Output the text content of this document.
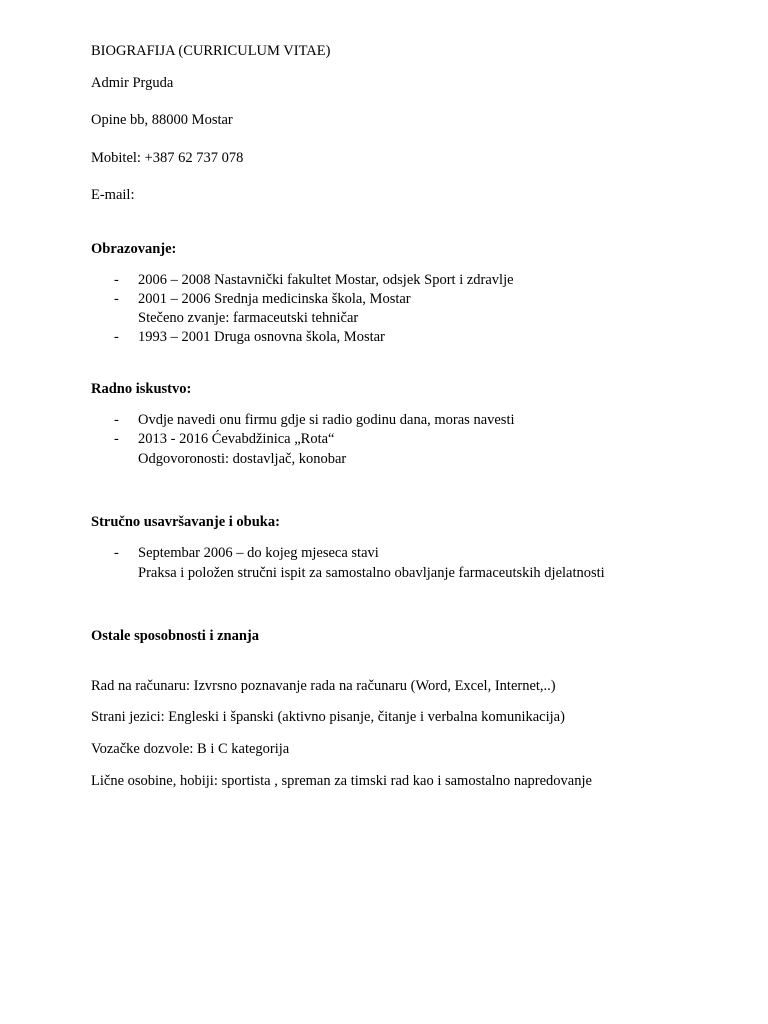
BIOGRAFIJA (CURRICULUM VITAE)
Admir Prguda
Opine bb, 88000 Mostar
Mobitel: +387 62 737 078
E-mail:
Obrazovanje:
- 2006 – 2008 Nastavnički fakultet Mostar, odsjek Sport i zdravlje
- 2001 – 2006 Srednja medicinska škola, Mostar
Stečeno zvanje: farmaceutski tehničar
- 1993 – 2001 Druga osnovna škola, Mostar
Radno iskustvo:
- Ovdje navedi onu firmu gdje si radio godinu dana, moras navesti
- 2013 - 2016 Ćevabdžinica „Rota“
Odgovoronosti: dostavljač, konobar
Stručno usavršavanje i obuka:
- Septembar 2006 – do kojeg mjeseca stavi
Praksa i položen stručni ispit za samostalno obavljanje farmaceutskih djelatnosti
Ostale sposobnosti i znanja
Rad na računaru: Izvrsno poznavanje rada na računaru (Word, Excel, Internet,..)
Strani jezici: Engleski i španski (aktivno pisanje, čitanje i verbalna komunikacija)
Vozačke dozvole: B i C kategorija
Lične osobine, hobiji: sportista , spreman za timski rad kao i samostalno napredovanje
